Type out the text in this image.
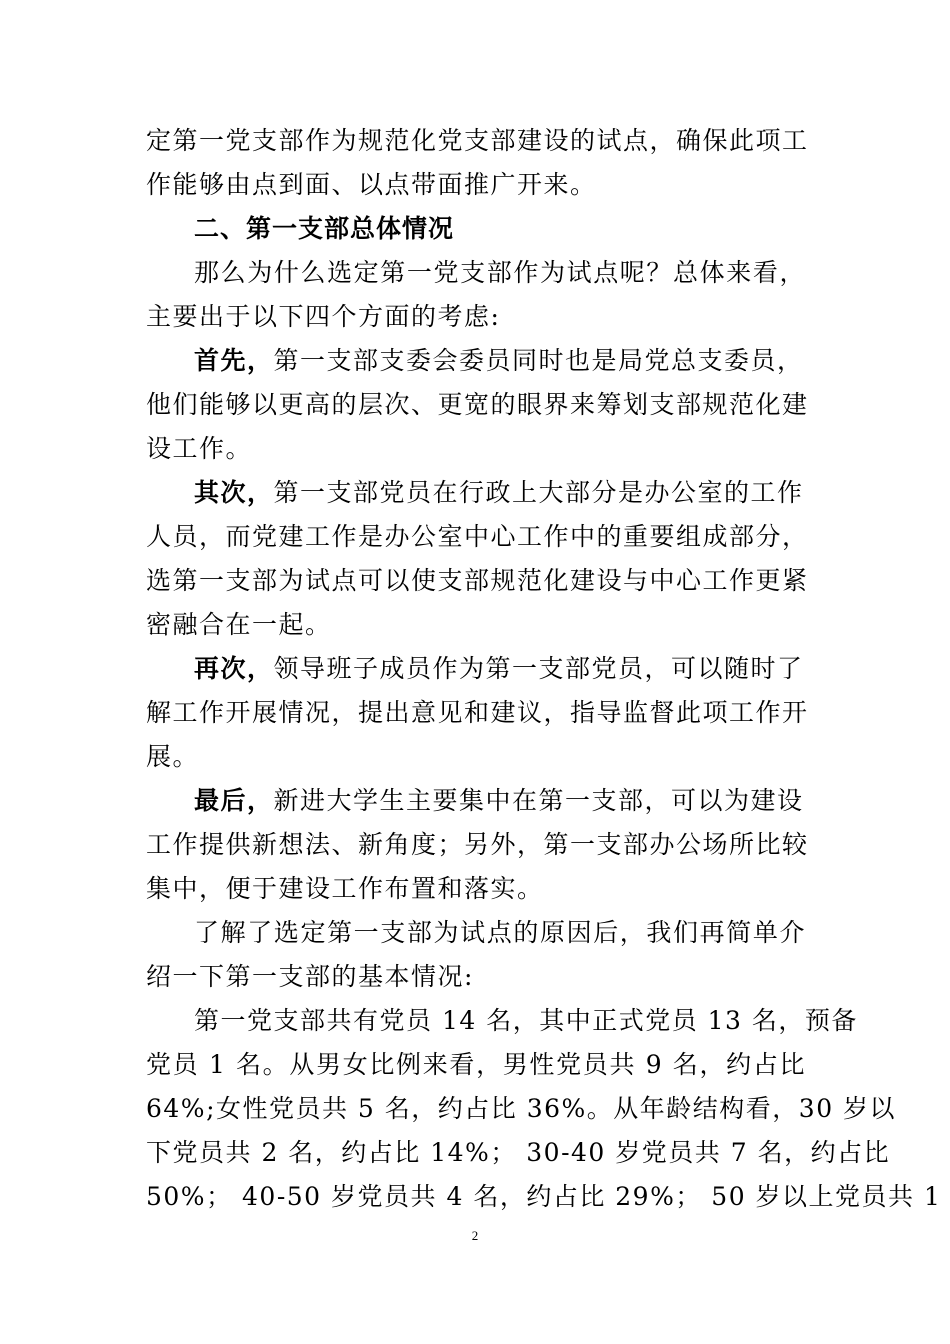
定第一党支部作为规范化党支部建设的试点，确保此项工
作能够由点到面、以点带面推广开来。
二、第一支部总体情况
那么为什么选定第一党支部作为试点呢？总体来看，
主要出于以下四个方面的考虑:
首先，第一支部支委会委员同时也是局党总支委员，
他们能够以更高的层次、更宽的眼界来筹划支部规范化建
设工作。
其次，第一支部党员在行政上大部分是办公室的工作
人员，而党建工作是办公室中心工作中的重要组成部分，
选第一支部为试点可以使支部规范化建设与中心工作更紧
密融合在一起。
再次，领导班子成员作为第一支部党员，可以随时了
解工作开展情况，提出意见和建议，指导监督此项工作开
展。
最后，新进大学生主要集中在第一支部，可以为建设
工作提供新想法、新角度；另外，第一支部办公场所比较
集中，便于建设工作布置和落实。
了解了选定第一支部为试点的原因后，我们再简单介
绍一下第一支部的基本情况:
第一党支部共有党员 14 名，其中正式党员 13 名，预备
党员 1 名。从男女比例来看，男性党员共 9 名，约占比
64%;女性党员共 5 名，约占比 36%。从年龄结构看，30 岁以
下党员共 2 名，约占比 14%； 30-40 岁党员共 7 名，约占比
50%； 40-50 岁党员共 4 名，约占比 29%； 50 岁以上党员共 1
2
